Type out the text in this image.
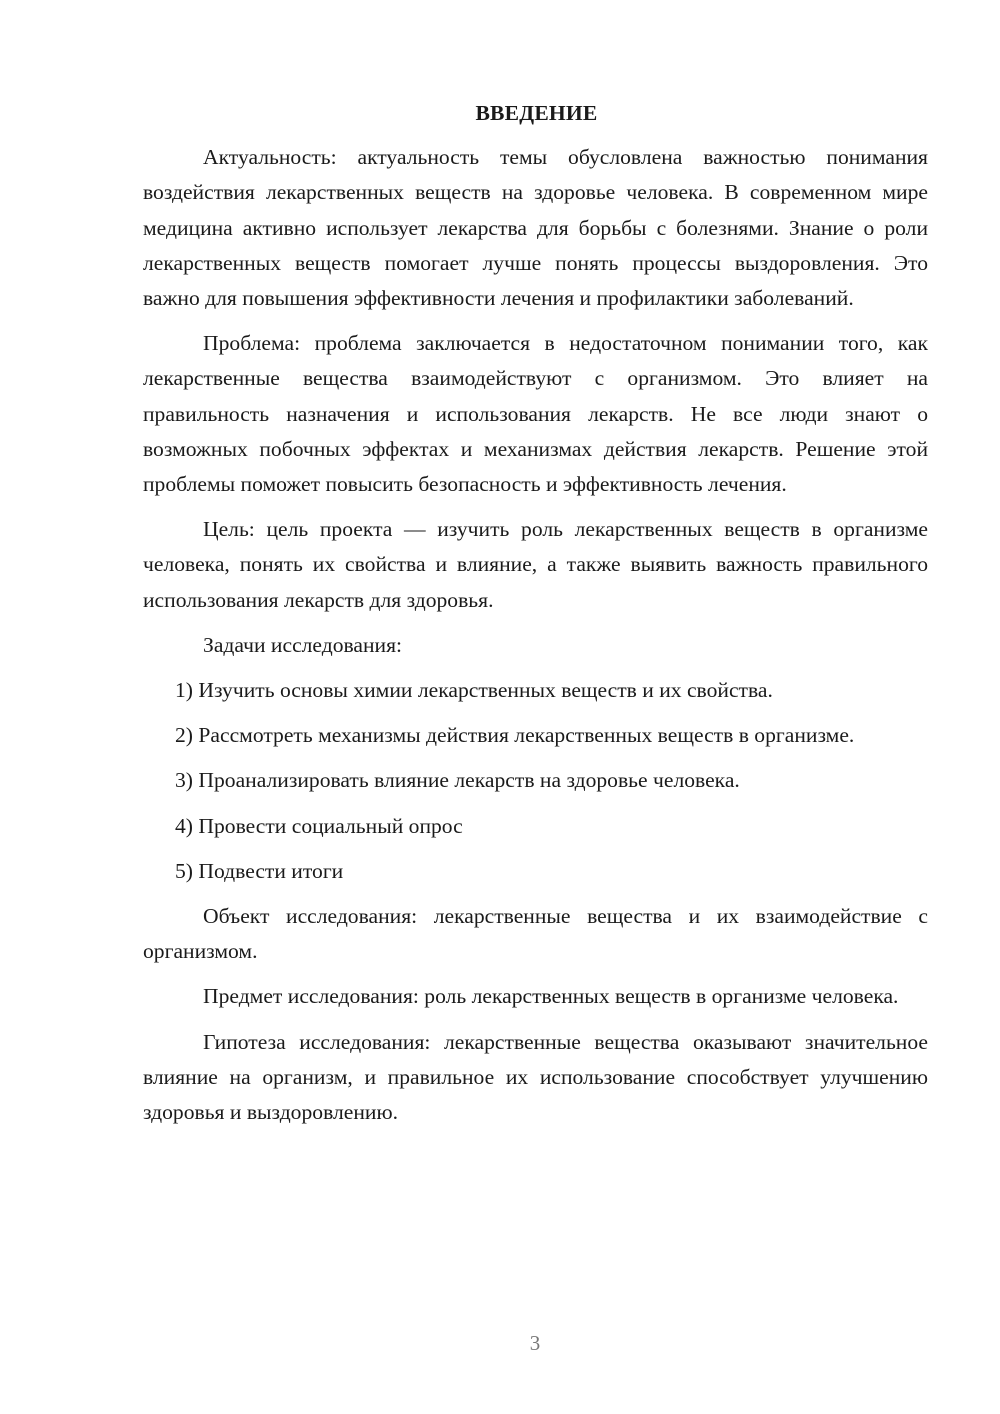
ВВЕДЕНИЕ

Актуальность: актуальность темы обусловлена важностью понимания воздействия лекарственных веществ на здоровье человека. В современном мире медицина активно использует лекарства для борьбы с болезнями. Знание о роли лекарственных веществ помогает лучше понять процессы выздоровления. Это важно для повышения эффективности лечения и профилактики заболеваний.

Проблема: проблема заключается в недостаточном понимании того, как лекарственные вещества взаимодействуют с организмом. Это влияет на правильность назначения и использования лекарств. Не все люди знают о возможных побочных эффектах и механизмах действия лекарств. Решение этой проблемы поможет повысить безопасность и эффективность лечения.

Цель: цель проекта — изучить роль лекарственных веществ в организме человека, понять их свойства и влияние, а также выявить важность правильного использования лекарств для здоровья.

Задачи исследования:

1) Изучить основы химии лекарственных веществ и их свойства.

2) Рассмотреть механизмы действия лекарственных веществ в организме.

3) Проанализировать влияние лекарств на здоровье человека.

4) Провести социальный опрос

5) Подвести итоги

Объект исследования: лекарственные вещества и их взаимодействие с организмом.

Предмет исследования: роль лекарственных веществ в организме человека.

Гипотеза исследования: лекарственные вещества оказывают значительное влияние на организм, и правильное их использование способствует улучшению здоровья и выздоровлению.

3
